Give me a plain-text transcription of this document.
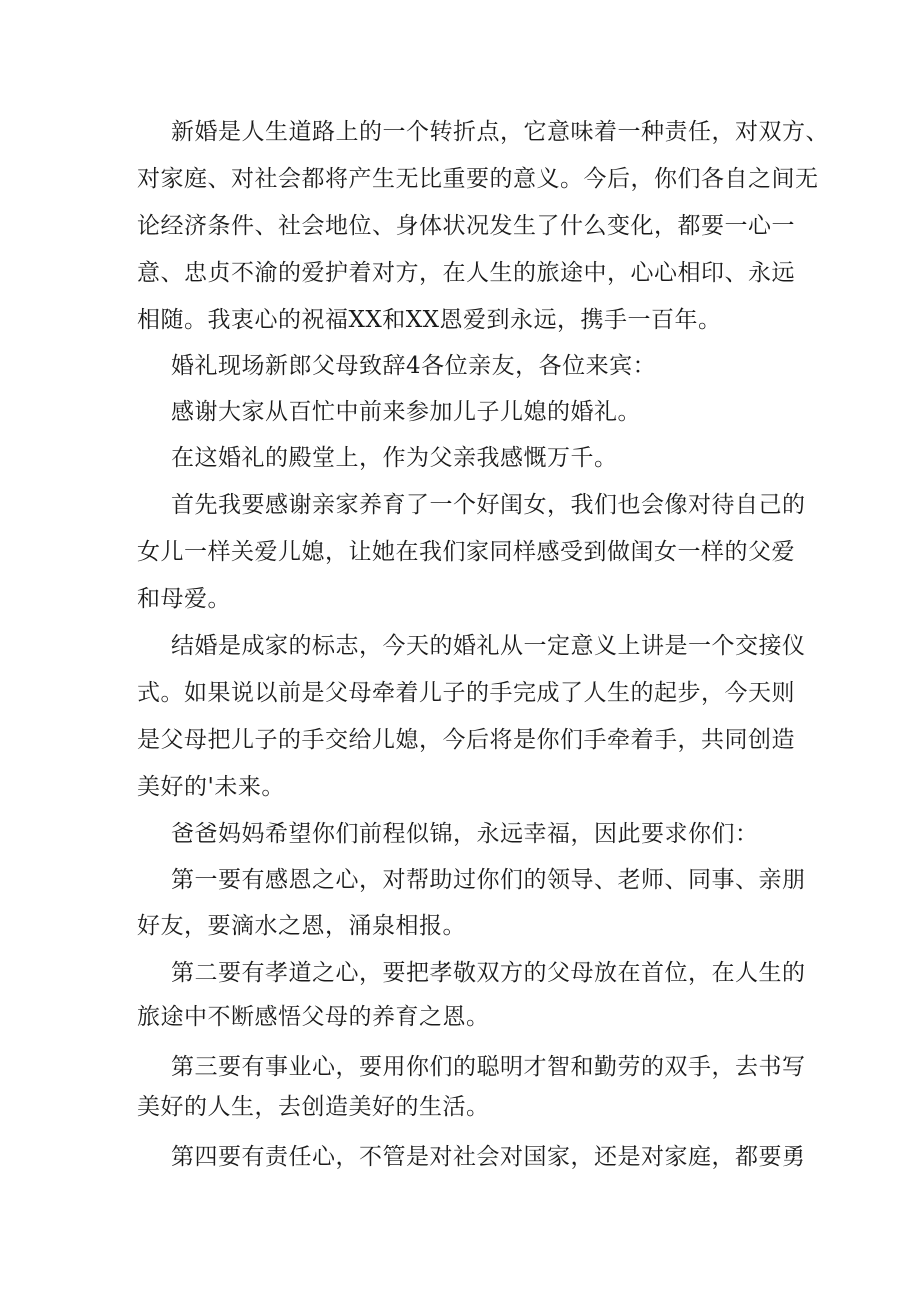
新婚是人生道路上的一个转折点，它意味着一种责任，对双方、
对家庭、对社会都将产生无比重要的意义。今后，你们各自之间无
论经济条件、社会地位、身体状况发生了什么变化，都要一心一
意、忠贞不渝的爱护着对方，在人生的旅途中，心心相印、永远
相随。我衷心的祝福XX和XX恩爱到永远，携手一百年。
婚礼现场新郎父母致辞4各位亲友，各位来宾：
感谢大家从百忙中前来参加儿子儿媳的婚礼。
在这婚礼的殿堂上，作为父亲我感慨万千。
首先我要感谢亲家养育了一个好闺女，我们也会像对待自己的
女儿一样关爱儿媳，让她在我们家同样感受到做闺女一样的父爱
和母爱。
结婚是成家的标志，今天的婚礼从一定意义上讲是一个交接仪
式。如果说以前是父母牵着儿子的手完成了人生的起步，今天则
是父母把儿子的手交给儿媳，今后将是你们手牵着手，共同创造
美好的'未来。
爸爸妈妈希望你们前程似锦，永远幸福，因此要求你们：
第一要有感恩之心，对帮助过你们的领导、老师、同事、亲朋
好友，要滴水之恩，涌泉相报。
第二要有孝道之心，要把孝敬双方的父母放在首位，在人生的
旅途中不断感悟父母的养育之恩。
第三要有事业心，要用你们的聪明才智和勤劳的双手，去书写
美好的人生，去创造美好的生活。
第四要有责任心，不管是对社会对国家，还是对家庭，都要勇
